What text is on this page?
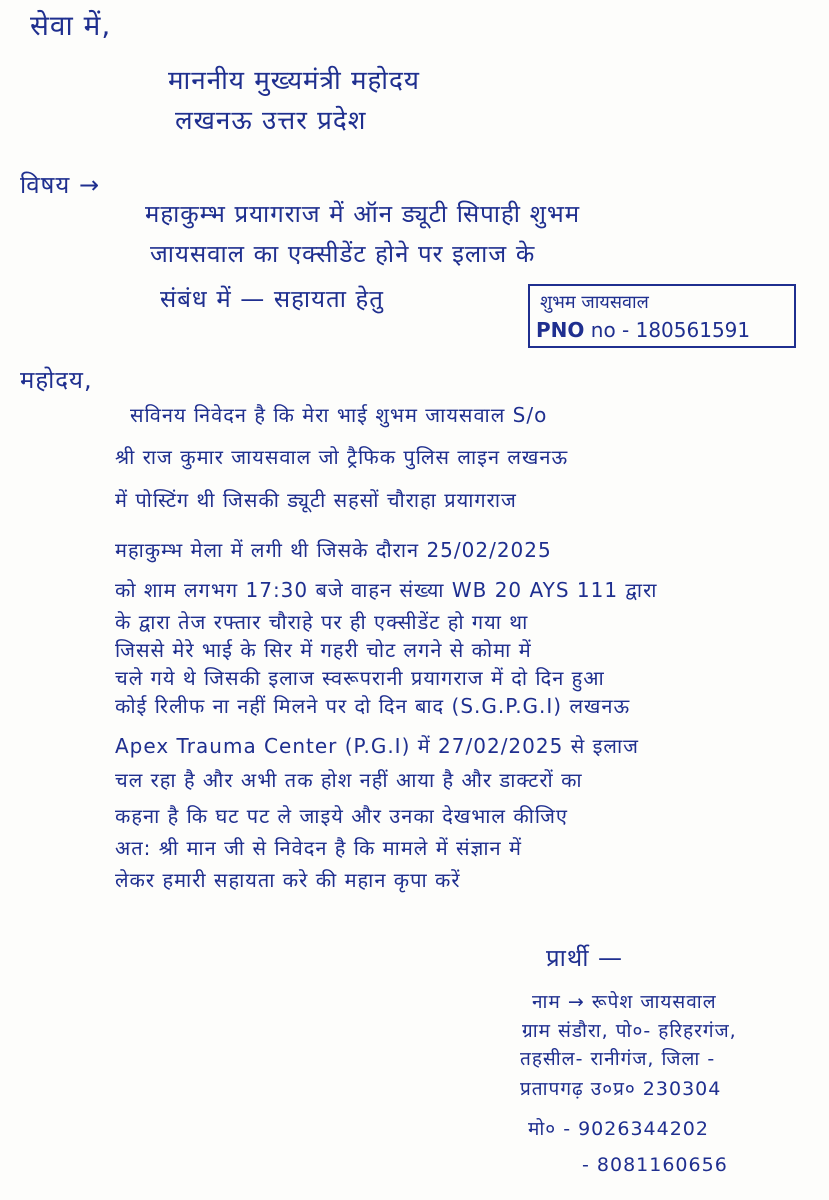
सेवा में,
माननीय मुख्यमंत्री महोदय
लखनऊ उत्तर प्रदेश
विषय →
महाकुम्भ प्रयागराज में ऑन ड्यूटी सिपाही शुभम
जायसवाल का एक्सीडेंट होने पर इलाज के
संबंध में — सहायता हेतु	शुभम जायसवाल
PNO no - 180561591
महोदय,
सविनय निवेदन है कि मेरा भाई शुभम जायसवाल S/o
श्री राज कुमार जायसवाल जो ट्रैफिक पुलिस लाइन लखनऊ
में पोस्टिंग थी जिसकी ड्यूटी सहसों चौराहा प्रयागराज
महाकुम्भ मेला में लगी थी जिसके दौरान 25/02/2025
को शाम लगभग 17:30 बजे वाहन संख्या WB 20 AYS 111 द्वारा
के द्वारा तेज रफ्तार चौराहे पर ही एक्सीडेंट हो गया था
जिससे मेरे भाई के सिर में गहरी चोट लगने से कोमा में
चले गये थे जिसकी इलाज स्वरूपरानी प्रयागराज में दो दिन हुआ
कोई रिलीफ ना नहीं मिलने पर दो दिन बाद (S.G.P.G.I) लखनऊ
Apex Trauma Center (P.G.I) में 27/02/2025 से इलाज
चल रहा है और अभी तक होश नहीं आया है और डाक्टरों का
कहना है कि घट पट ले जाइये और उनका देखभाल कीजिए
अत: श्री मान जी से निवेदन है कि मामले में संज्ञान में
लेकर हमारी सहायता करे की महान कृपा करें
प्रार्थी —
नाम → रूपेश जायसवाल
ग्राम संडौरा, पो०- हरिहरगंज,
तहसील- रानीगंज, जिला -
प्रतापगढ़ उ०प्र० 230304
मो० - 9026344202
- 8081160656
